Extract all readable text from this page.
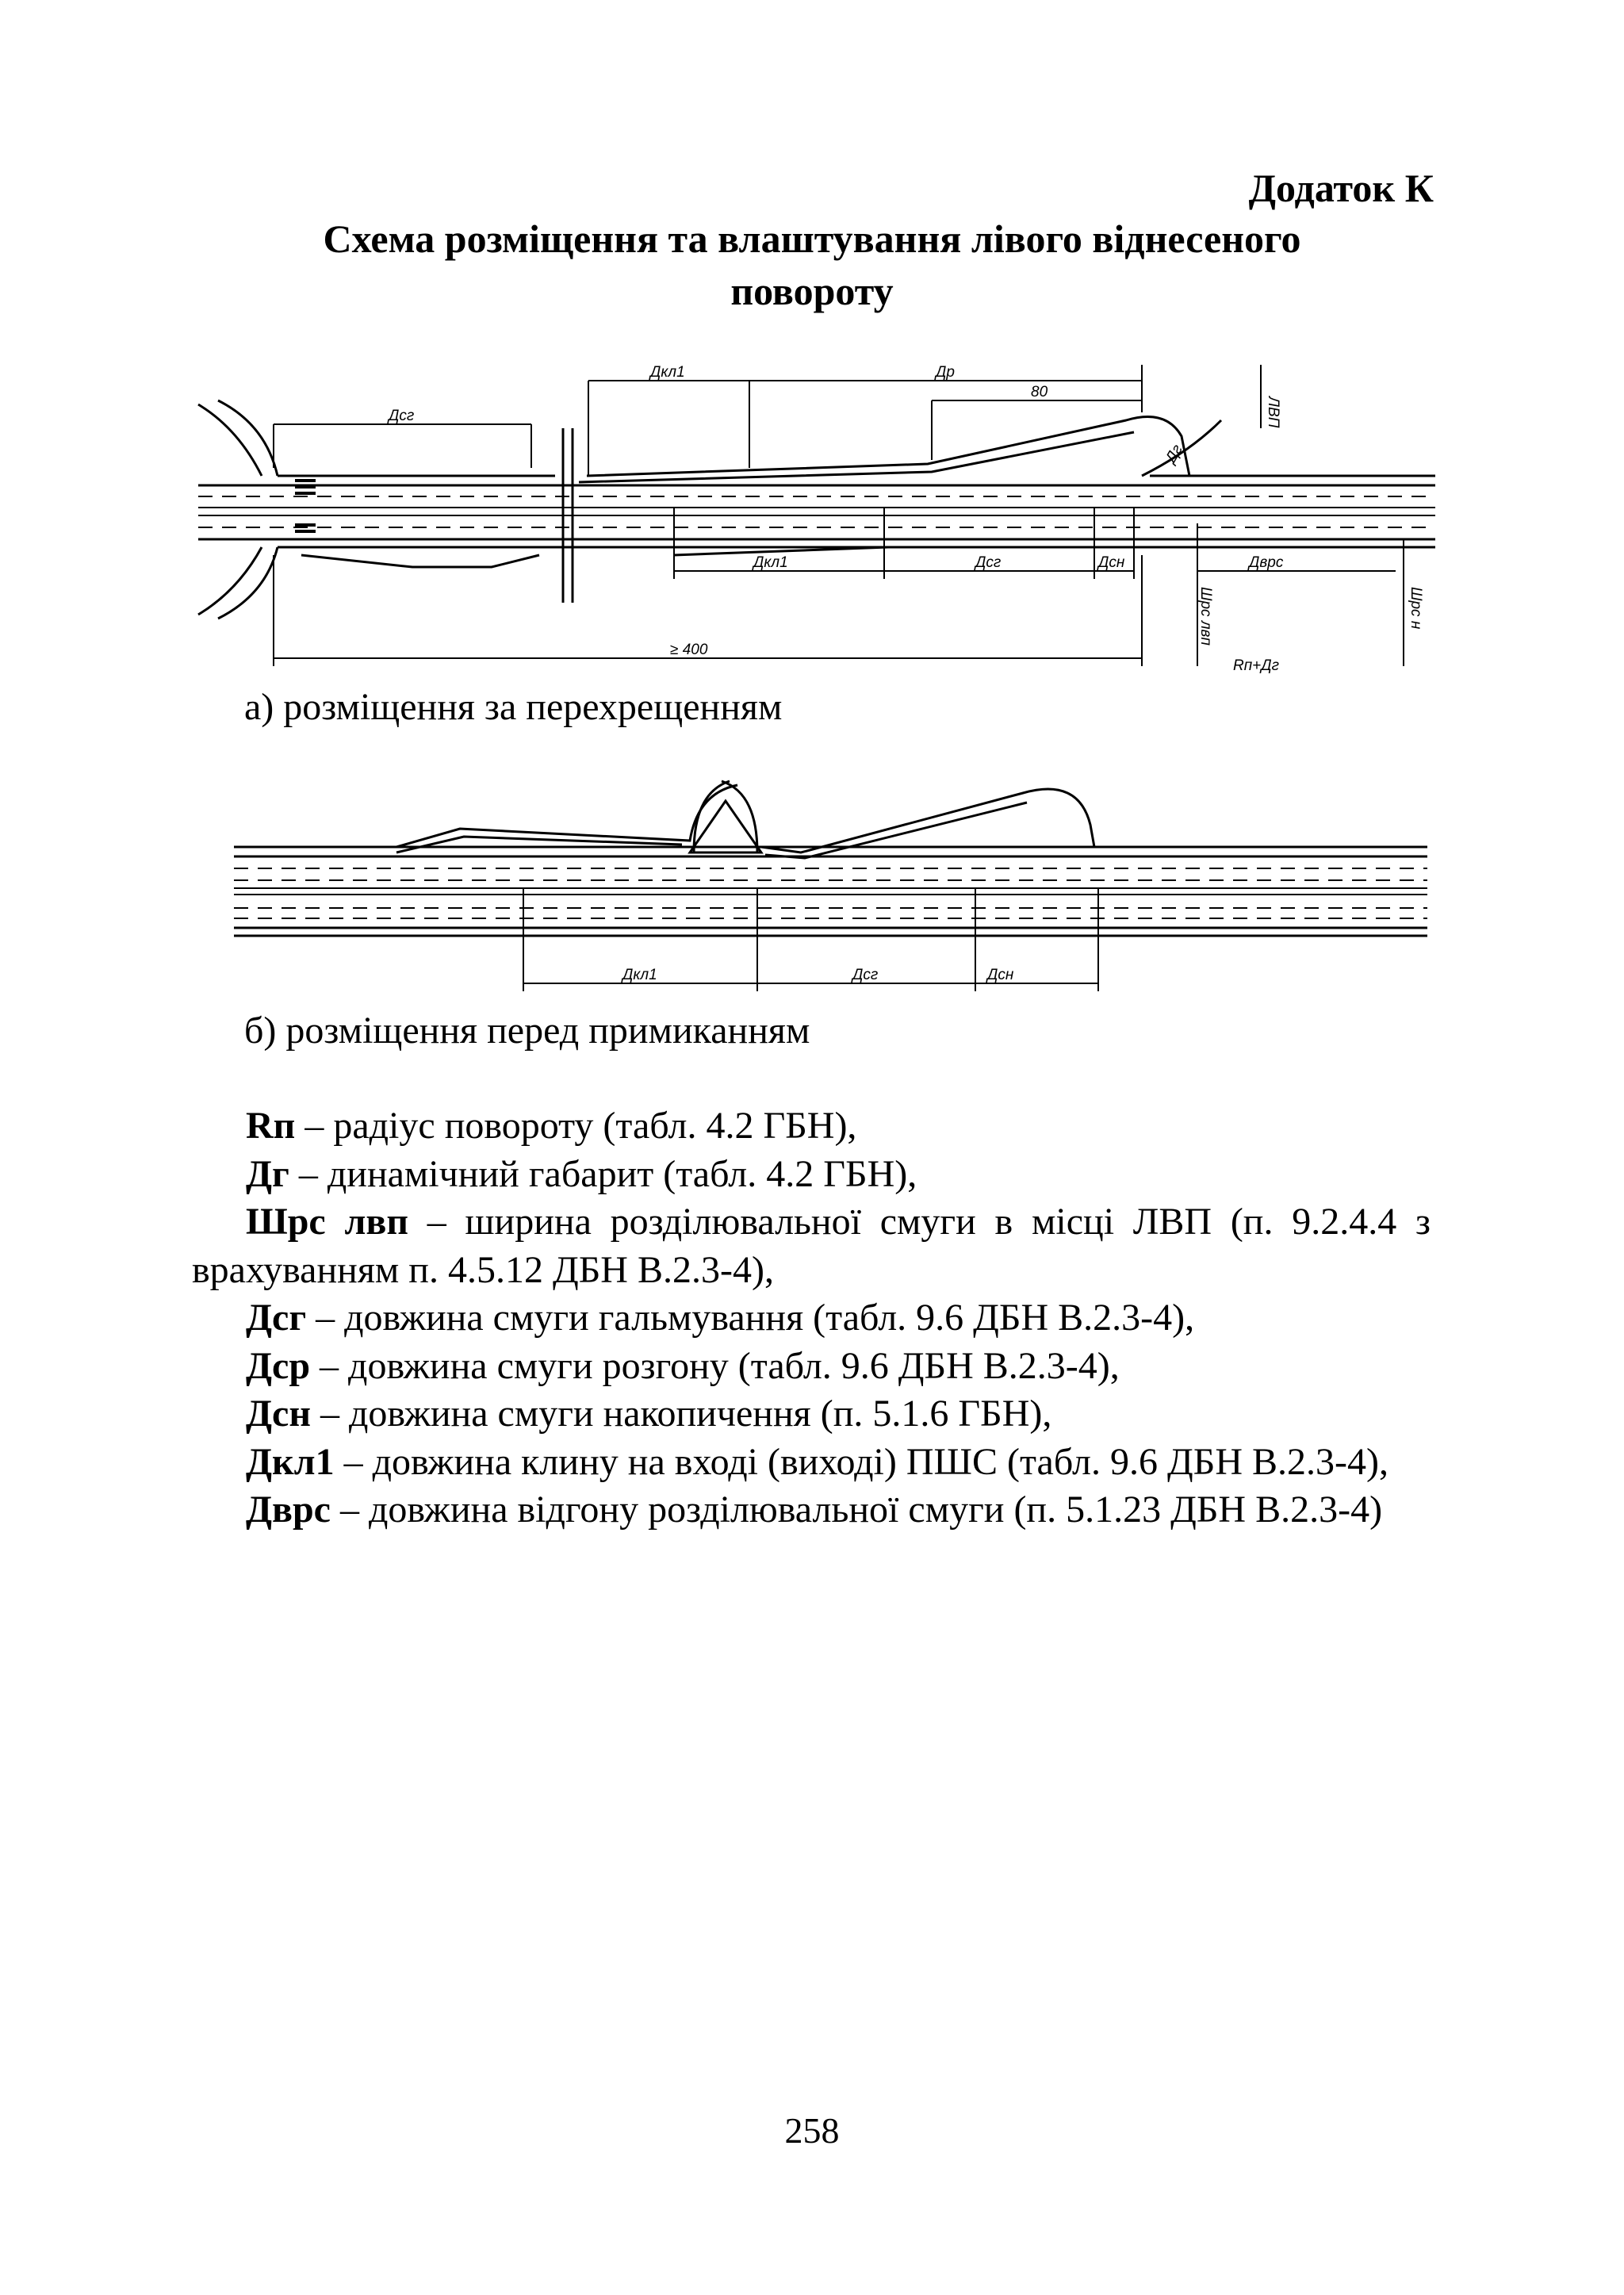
Додаток К
Схема розміщення та влаштування лівого віднесеного
повороту
Дсг
Дкл1	Др
80
ЛВП
Дг
Дкл1	Дсг	Дсн	Дврс
≥ 400
Шрс лвп
Rп+Дг
Шрс н
а) розміщення за перехрещенням
Дкл1	Дсг	Дсн
б) розміщення перед примиканням

Rп – радіус повороту (табл. 4.2 ГБН),

Дг – динамічний габарит (табл. 4.2 ГБН),

Шрс лвп – ширина розділювальної смуги в місці ЛВП (п. 9.2.4.4 з врахуванням п. 4.5.12 ДБН В.2.3-4),

Дсг – довжина смуги гальмування (табл. 9.6 ДБН В.2.3-4),

Дср – довжина смуги розгону (табл. 9.6 ДБН В.2.3-4),

Дсн – довжина смуги накопичення (п. 5.1.6 ГБН),

Дкл1 – довжина клину на вході (виході) ПШС (табл. 9.6 ДБН В.2.3-4),

Дврс – довжина відгону розділювальної смуги (п. 5.1.23 ДБН В.2.3-4)

258
